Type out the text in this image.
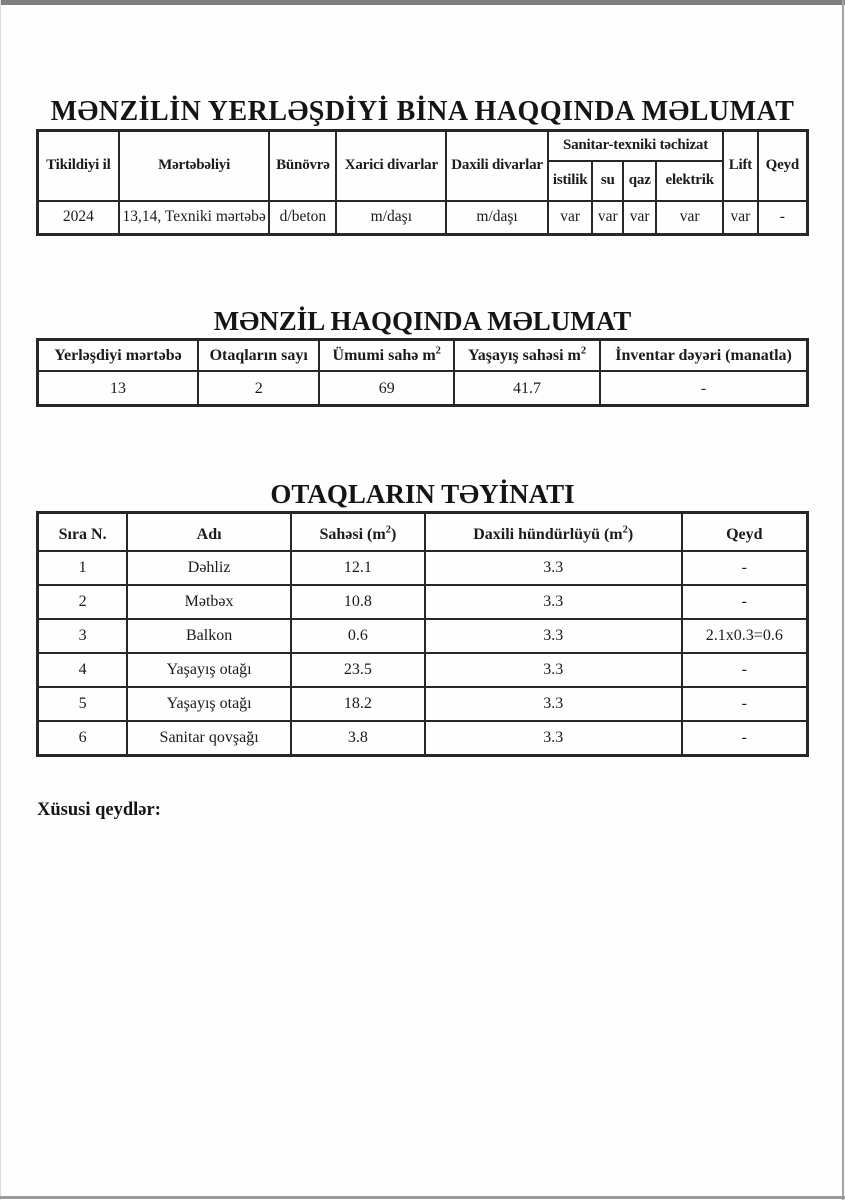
MƏNZİLİN YERLƏŞDİYİ BİNA HAQQINDA MƏLUMAT
Tikildiyi il	Mərtəbəliyi	Bünövrə	Xarici divarlar	Daxili divarlar	Sanitar-texniki təchizat				Lift	Qeyd
					istilik	su	qaz	elektrik		
2024	13,14, Texniki mərtəbə	d/beton	m/daşı	m/daşı	var	var	var	var	var	-
MƏNZİL HAQQINDA MƏLUMAT
Yerləşdiyi mərtəbə	Otaqların sayı	Ümumi sahə $m^2$	Yaşayış sahəsi $m^2$	İnventar dəyəri (manatla)
13	2	69	41.7	-
OTAQLARIN TƏYİNATI
Sıra N.	Adı	Sahəsi $(m^2)$	Daxili hündürlüyü $(m^2)$	Qeyd
1	Dəhliz	12.1	3.3	-
2	Mətbəx	10.8	3.3	-
3	Balkon	0.6	3.3	2.1x0.3=0.6
4	Yaşayış otağı	23.5	3.3	-
5	Yaşayış otağı	18.2	3.3	-
6	Sanitar qovşağı	3.8	3.3	-
Xüsusi qeydlər:
